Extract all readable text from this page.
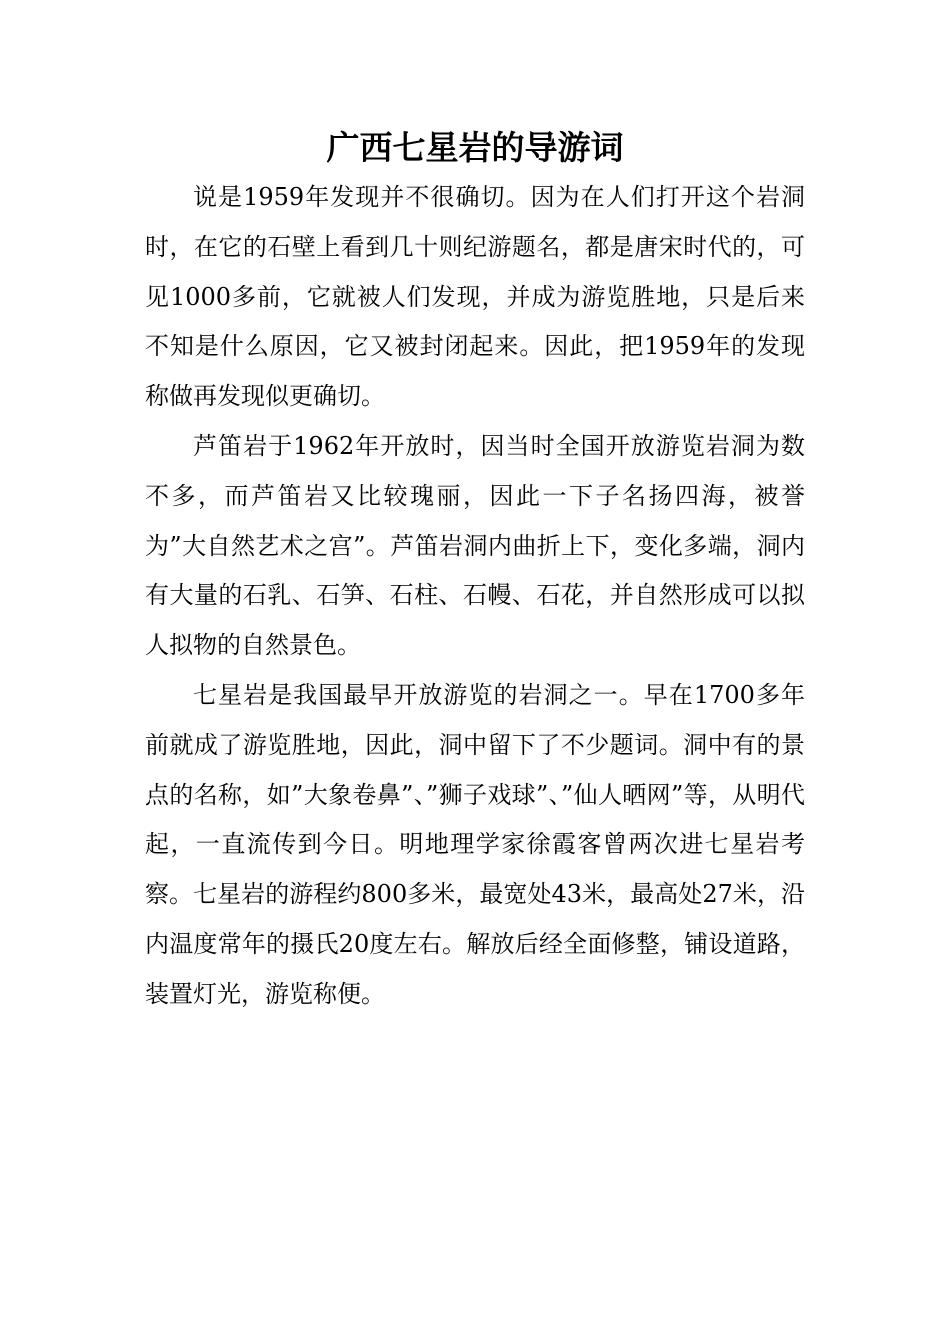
广西七星岩的导游词

说是1959年发现并不很确切。因为在人们打开这个岩洞时，在它的石壁上看到几十则纪游题名，都是唐宋时代的，可见1000多前，它就被人们发现，并成为游览胜地，只是后来不知是什么原因，它又被封闭起来。因此，把1959年的发现称做再发现似更确切。

芦笛岩于1962年开放时，因当时全国开放游览岩洞为数不多，而芦笛岩又比较瑰丽，因此一下子名扬四海，被誉为”大自然艺术之宫”。芦笛岩洞内曲折上下，变化多端，洞内有大量的石乳、石笋、石柱、石幔、石花，并自然形成可以拟人拟物的自然景色。

七星岩是我国最早开放游览的岩洞之一。早在1700多年前就成了游览胜地，因此，洞中留下了不少题词。洞中有的景点的名称，如”大象卷鼻”、”狮子戏球”、”仙人晒网”等，从明代起，一直流传到今日。明地理学家徐霞客曾两次进七星岩考察。七星岩的游程约800多米，最宽处43米，最高处27米，沿内温度常年的摄氏20度左右。解放后经全面修整，铺设道路，装置灯光，游览称便。
